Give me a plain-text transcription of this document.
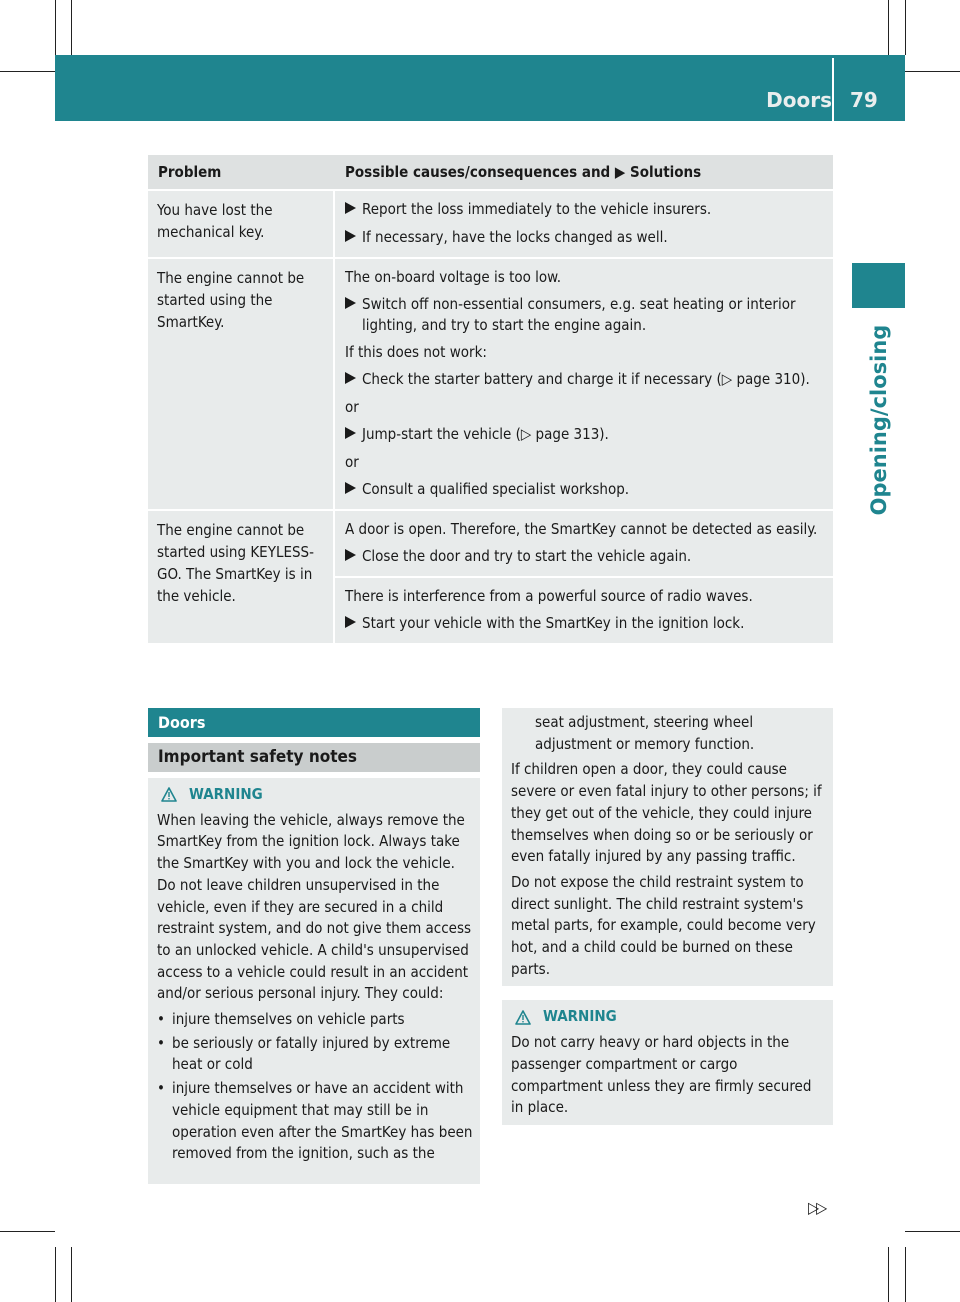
Doors 79
Opening/closing
Problem	Possible causes/consequences and ▶ Solutions
You have lost the mechanical key.
Report the loss immediately to the vehicle insurers.
If necessary, have the locks changed as well.
The engine cannot be started using the SmartKey.
The on-board voltage is too low.
Switch off non-essential consumers, e.g. seat heating or interior lighting, and try to start the engine again.
If this does not work:
Check the starter battery and charge it if necessary (▷ page 310).
or
Jump-start the vehicle (▷ page 313).
or
Consult a qualified specialist workshop.
The engine cannot be started using KEYLESS-GO. The SmartKey is in the vehicle.
A door is open. Therefore, the SmartKey cannot be detected as easily.
Close the door and try to start the vehicle again.
There is interference from a powerful source of radio waves.
Start your vehicle with the SmartKey in the ignition lock.
Doors
Important safety notes
WARNING

When leaving the vehicle, always remove the SmartKey from the ignition lock. Always take the SmartKey with you and lock the vehicle. Do not leave children unsupervised in the vehicle, even if they are secured in a child restraint system, and do not give them access to an unlocked vehicle. A child's unsupervised access to a vehicle could result in an accident and/or serious personal injury. They could:

• injure themselves on vehicle parts
• be seriously or fatally injured by extreme heat or cold
• injure themselves or have an accident with vehicle equipment that may still be in operation even after the SmartKey has been removed from the ignition, such as the

seat adjustment, steering wheel adjustment or memory function.

If children open a door, they could cause severe or even fatal injury to other persons; if they get out of the vehicle, they could injure themselves when doing so or be seriously or even fatally injured by any passing traffic.

Do not expose the child restraint system to direct sunlight. The child restraint system's metal parts, for example, could become very hot, and a child could be burned on these parts.

WARNING

Do not carry heavy or hard objects in the passenger compartment or cargo compartment unless they are firmly secured in place.

▷▷
